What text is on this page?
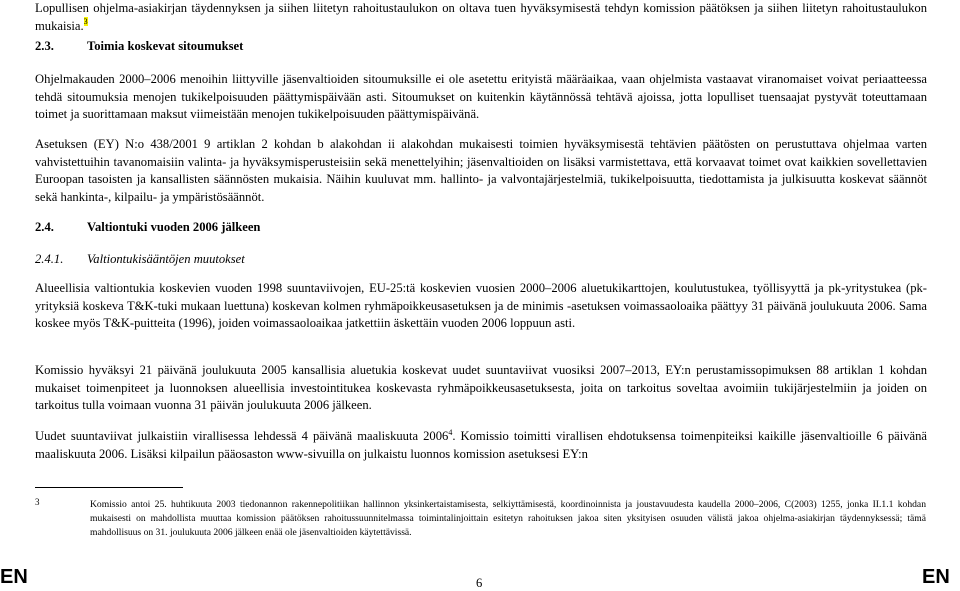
Lopullisen ohjelma-asiakirjan täydennyksen ja siihen liitetyn rahoitustaulukon on oltava tuen hyväksymisestä tehdyn komission päätöksen ja siihen liitetyn rahoitustaulukon mukaisia.$^3$

2.3.	Toimia koskevat sitoumukset

Ohjelmakauden 2000–2006 menoihin liittyville jäsenvaltioiden sitoumuksille ei ole asetettu erityistä määräaikaa, vaan ohjelmista vastaavat viranomaiset voivat periaatteessa tehdä sitoumuksia menojen tukikelpoisuuden päättymispäivään asti. Sitoumukset on kuitenkin käytännössä tehtävä ajoissa, jotta lopulliset tuensaajat pystyvät toteuttamaan toimet ja suorittamaan maksut viimeistään menojen tukikelpoisuuden päättymispäivänä.

Asetuksen (EY) N:o 438/2001 9 artiklan 2 kohdan b alakohdan ii alakohdan mukaisesti toimien hyväksymisestä tehtävien päätösten on perustuttava ohjelmaa varten vahvistettuihin tavanomaisiin valinta- ja hyväksymisperusteisiin sekä menettelyihin; jäsenvaltioiden on lisäksi varmistettava, että korvaavat toimet ovat kaikkien sovellettavien Euroopan tasoisten ja kansallisten säännösten mukaisia. Näihin kuuluvat mm. hallinto- ja valvontajärjestelmiä, tukikelpoisuutta, tiedottamista ja julkisuutta koskevat säännöt sekä hankinta-, kilpailu- ja ympäristösäännöt.

2.4.	Valtiontuki vuoden 2006 jälkeen
2.4.1. Valtiontukisääntöjen muutokset

Alueellisia valtiontukia koskevien vuoden 1998 suuntaviivojen, EU-25:tä koskevien vuosien 2000–2006 aluetukikarttojen, koulutustukea, työllisyyttä ja pk-yritystukea (pk-yrityksiä koskeva T&K-tuki mukaan luettuna) koskevan kolmen ryhmäpoikkeusasetuksen ja de minimis -asetuksen voimassaoloaika päättyy 31 päivänä joulukuuta 2006. Sama koskee myös T&K-puitteita (1996), joiden voimassaoloaikaa jatkettiin äskettäin vuoden 2006 loppuun asti.

Komissio hyväksyi 21 päivänä joulukuuta 2005 kansallisia aluetukia koskevat uudet suuntaviivat vuosiksi 2007–2013, EY:n perustamissopimuksen 88 artiklan 1 kohdan mukaiset toimenpiteet ja luonnoksen alueellisia investointitukea koskevasta ryhmäpoikkeusasetuksesta, joita on tarkoitus soveltaa avoimiin tukijärjestelmiin ja joiden on tarkoitus tulla voimaan vuonna 31 päivän joulukuuta 2006 jälkeen.

Uudet suuntaviivat julkaistiin virallisessa lehdessä 4 päivänä maaliskuuta 2006$^4$. Komissio toimitti virallisen ehdotuksensa toimenpiteiksi kaikille jäsenvaltioille 6 päivänä maaliskuuta 2006. Lisäksi kilpailun pääosaston www-sivuilla on julkaistu luonnos komission asetuksesi EY:n

3	Komissio antoi 25. huhtikuuta 2003 tiedonannon rakennepolitiikan hallinnon yksinkertaistamisesta, selkiyttämisestä, koordinoinnista ja joustavuudesta kaudella 2000–2006, C(2003) 1255, jonka II.1.1 kohdan mukaisesti on mahdollista muuttaa komission päätöksen rahoitussuunnitelmassa toimintalinjoittain esitetyn rahoituksen jakoa siten yksityisen osuuden välistä jakoa ohjelma-asiakirjan täydennyksessä; tämä mahdollisuus on 31. joulukuuta 2006 jälkeen enää ole jäsenvaltioiden käytettävissä.

EN	6	EN
